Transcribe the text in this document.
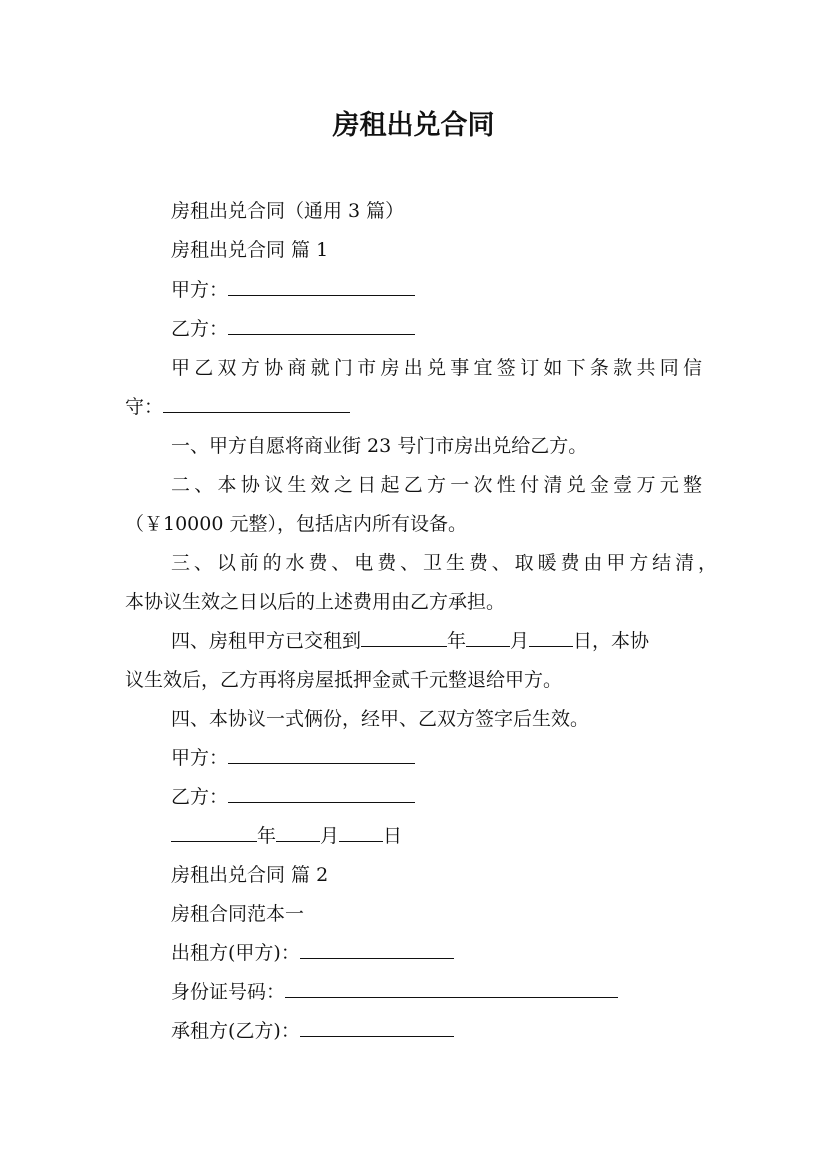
房租出兑合同
房租出兑合同（通用 3 篇）
房租出兑合同 篇 1
甲方：
乙方：
甲乙双方协商就门市房出兑事宜签订如下条款共同信
守：
一、甲方自愿将商业街 23 号门市房出兑给乙方。
二、本协议生效之日起乙方一次性付清兑金壹万元整
（￥10000 元整），包括店内所有设备。
三、以前的水费、电费、卫生费、取暖费由甲方结清，
本协议生效之日以后的上述费用由乙方承担。
四、房租甲方已交租到	年 月 日，本协
议生效后，乙方再将房屋抵押金贰千元整退给甲方。
四、本协议一式俩份，经甲、乙双方签字后生效。
甲方：
乙方：
年 月 日
房租出兑合同 篇 2
房租合同范本一
出租方(甲方)：
身份证号码：
承租方(乙方)：
